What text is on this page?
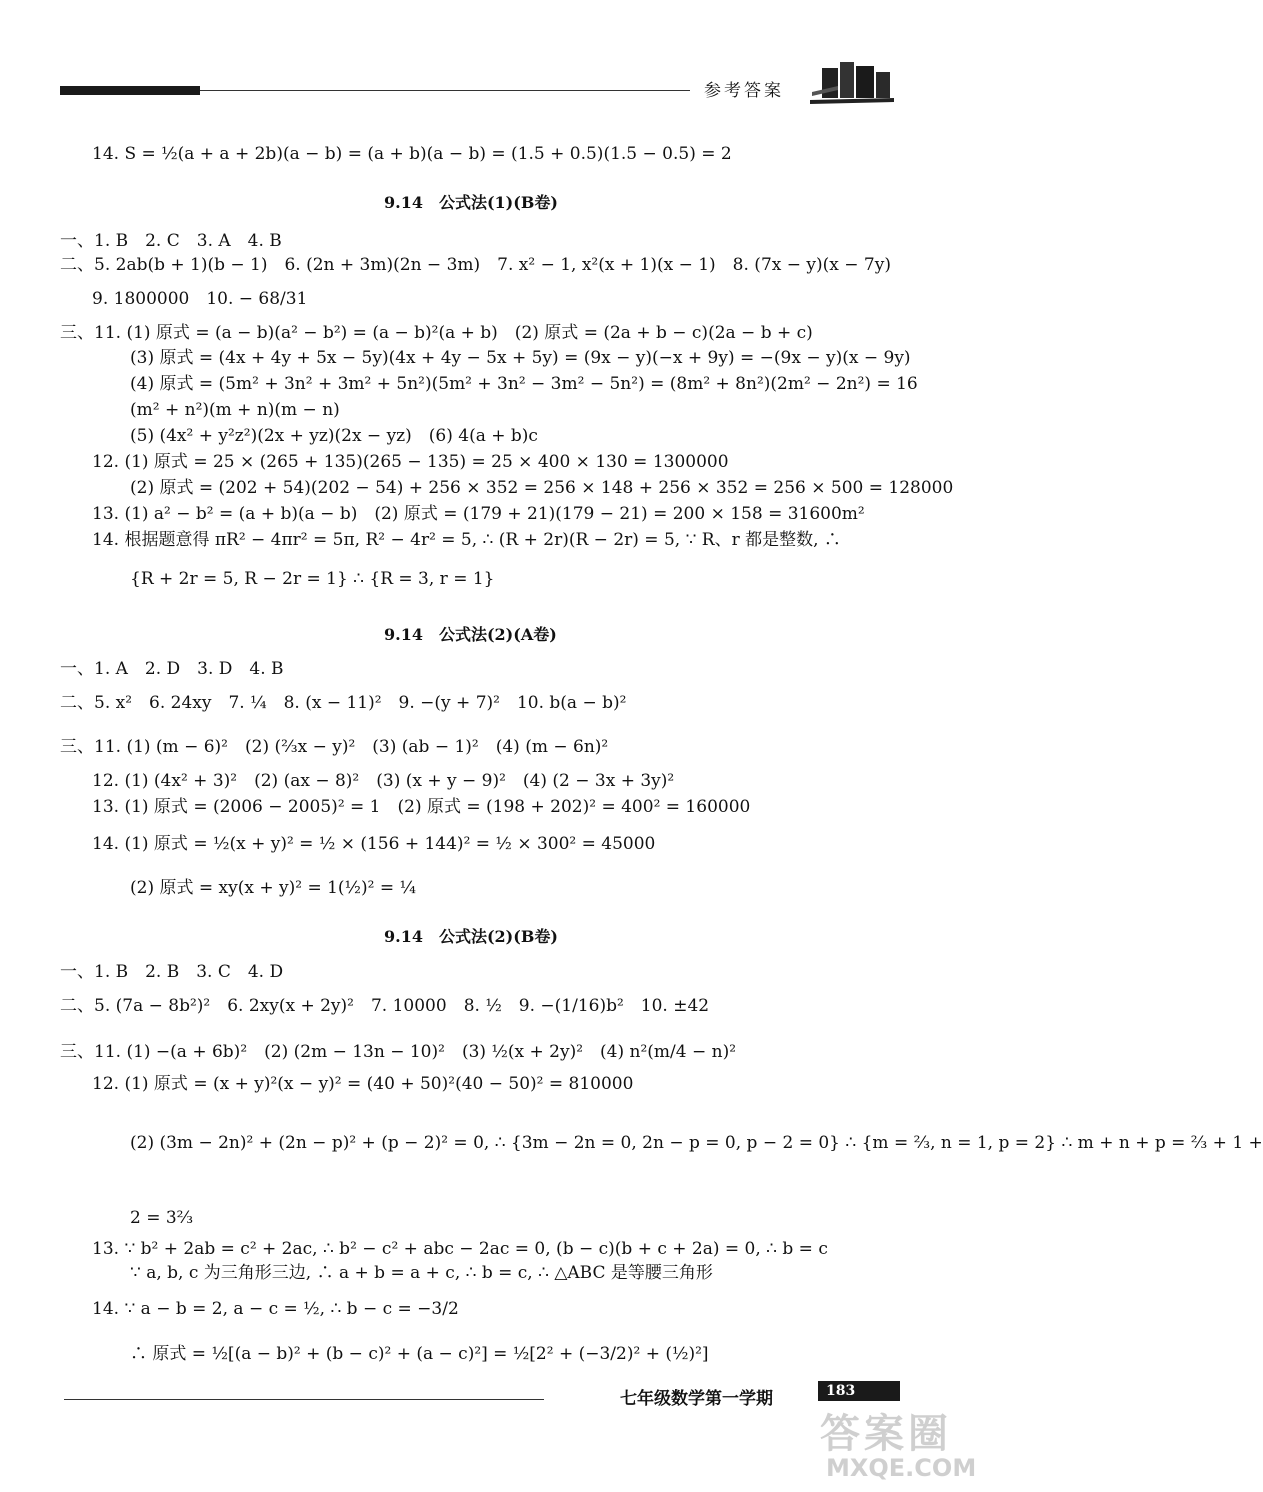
参考答案
14. S = ½(a + a + 2b)(a − b) = (a + b)(a − b) = (1.5 + 0.5)(1.5 − 0.5) = 2
9.14　公式法(1)(B卷)
一、1. B　2. C　3. A　4. B
二、5. 2ab(b + 1)(b − 1)　6. (2n + 3m)(2n − 3m)　7. x² − 1, x²(x + 1)(x − 1)　8. (7x − y)(x − 7y)
9. 1800000　10. − 68/31
三、11. (1) 原式 = (a − b)(a² − b²) = (a − b)²(a + b)　(2) 原式 = (2a + b − c)(2a − b + c)
(3) 原式 = (4x + 4y + 5x − 5y)(4x + 4y − 5x + 5y) = (9x − y)(−x + 9y) = −(9x − y)(x − 9y)
(4) 原式 = (5m² + 3n² + 3m² + 5n²)(5m² + 3n² − 3m² − 5n²) = (8m² + 8n²)(2m² − 2n²) = 16
(m² + n²)(m + n)(m − n)
(5) (4x² + y²z²)(2x + yz)(2x − yz)　(6) 4(a + b)c
12. (1) 原式 = 25 × (265 + 135)(265 − 135) = 25 × 400 × 130 = 1300000
(2) 原式 = (202 + 54)(202 − 54) + 256 × 352 = 256 × 148 + 256 × 352 = 256 × 500 = 128000
13. (1) a² − b² = (a + b)(a − b)　(2) 原式 = (179 + 21)(179 − 21) = 200 × 158 = 31600m²
14. 根据题意得 πR² − 4πr² = 5π, R² − 4r² = 5, ∴ (R + 2r)(R − 2r) = 5, ∵ R、r 都是整数, ∴
{R + 2r = 5, R − 2r = 1} ∴ {R = 3, r = 1}
9.14　公式法(2)(A卷)
一、1. A　2. D　3. D　4. B
二、5. x²　6. 24xy　7. ¼　8. (x − 11)²　9. −(y + 7)²　10. b(a − b)²
三、11. (1) (m − 6)²　(2) (⅔x − y)²　(3) (ab − 1)²　(4) (m − 6n)²
12. (1) (4x² + 3)²　(2) (ax − 8)²　(3) (x + y − 9)²　(4) (2 − 3x + 3y)²
13. (1) 原式 = (2006 − 2005)² = 1　(2) 原式 = (198 + 202)² = 400² = 160000
14. (1) 原式 = ½(x + y)² = ½ × (156 + 144)² = ½ × 300² = 45000
(2) 原式 = xy(x + y)² = 1(½)² = ¼
9.14　公式法(2)(B卷)
一、1. B　2. B　3. C　4. D
二、5. (7a − 8b²)²　6. 2xy(x + 2y)²　7. 10000　8. ½　9. −(1/16)b²　10. ±42
三、11. (1) −(a + 6b)²　(2) (2m − 13n − 10)²　(3) ½(x + 2y)²　(4) n²(m/4 − n)²
12. (1) 原式 = (x + y)²(x − y)² = (40 + 50)²(40 − 50)² = 810000
(2) (3m − 2n)² + (2n − p)² + (p − 2)² = 0, ∴ {3m − 2n = 0, 2n − p = 0, p − 2 = 0} ∴ {m = ⅔, n = 1, p = 2} ∴ m + n + p = ⅔ + 1 +
2 = 3⅔
13. ∵ b² + 2ab = c² + 2ac, ∴ b² − c² + abc − 2ac = 0, (b − c)(b + c + 2a) = 0, ∴ b = c
∵ a, b, c 为三角形三边, ∴ a + b = a + c, ∴ b = c, ∴ △ABC 是等腰三角形
14. ∵ a − b = 2, a − c = ½, ∴ b − c = −3/2
∴ 原式 = ½[(a − b)² + (b − c)² + (a − c)²] = ½[2² + (−3/2)² + (½)²]
七年级数学第一学期	183
答案圈
MXQE.COM
